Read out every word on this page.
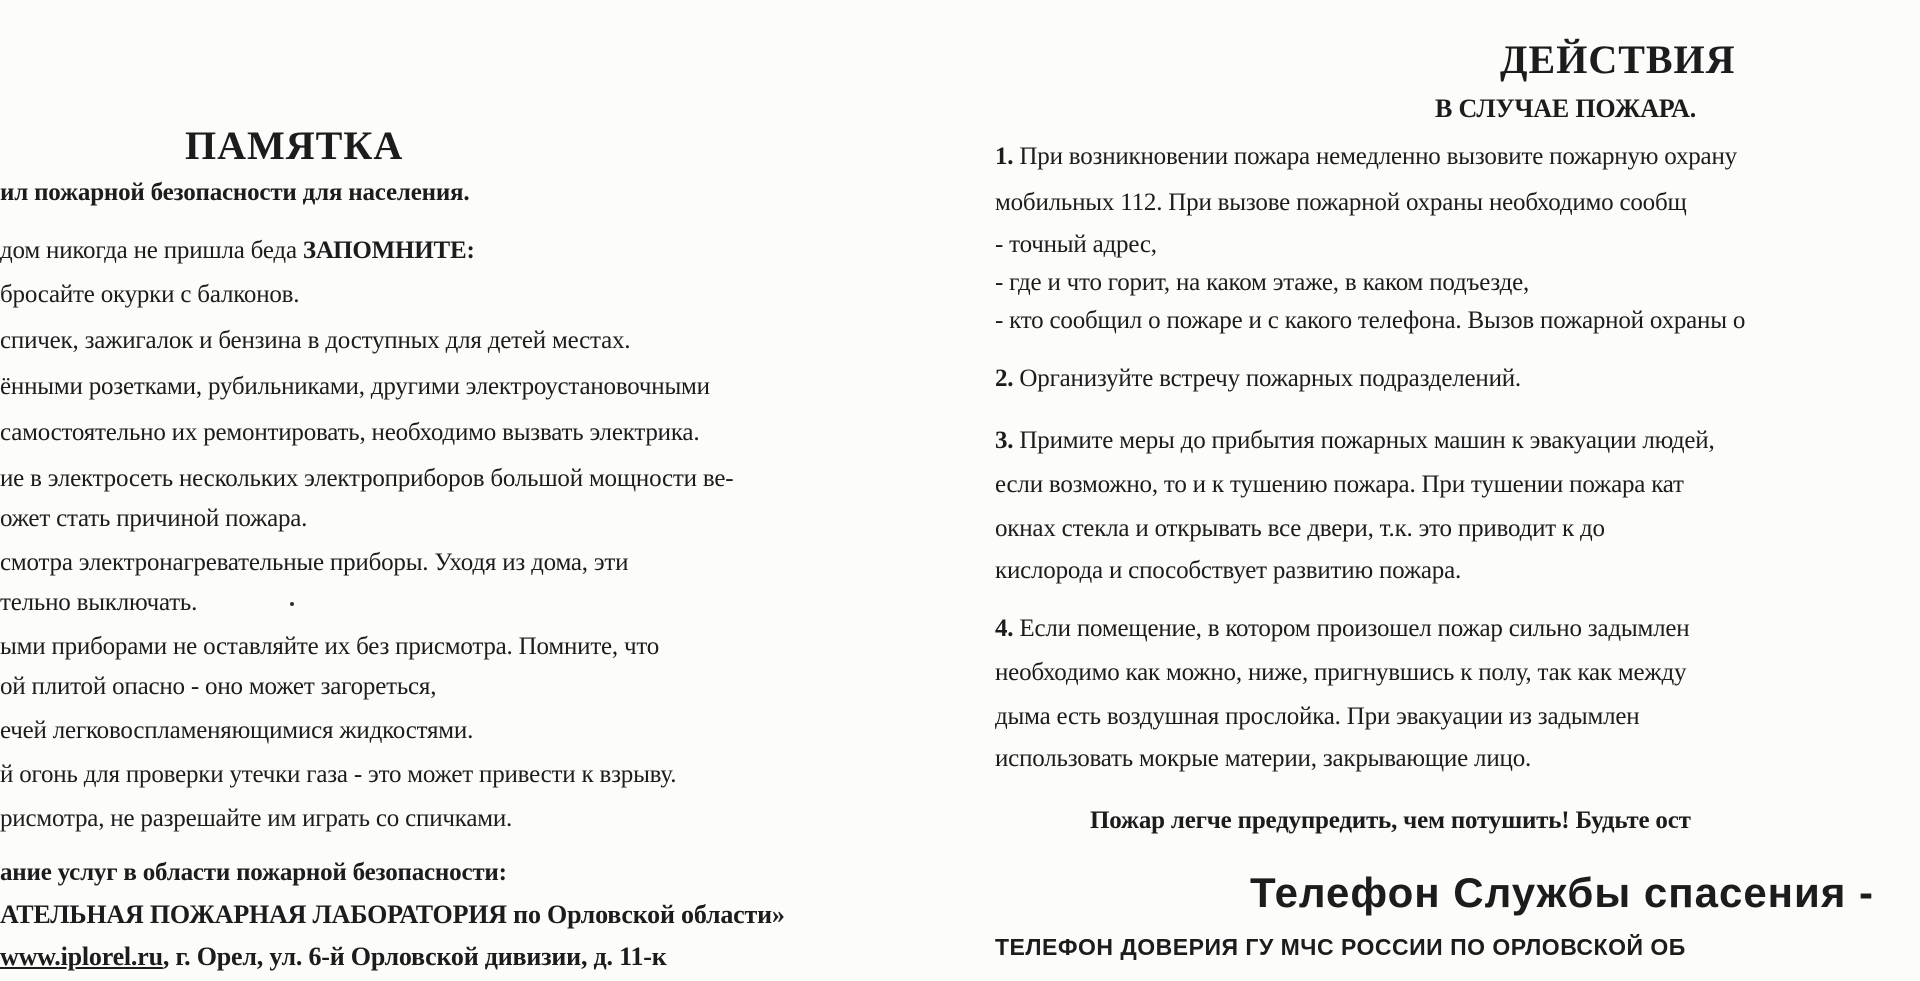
ПАМЯТКА
ил пожарной безопасности для населения.
дом никогда не пришла беда ЗАПОМНИТЕ:
бросайте окурки с балконов.
спичек, зажигалок и бензина в доступных для детей местах.
ёнными розетками, рубильниками, другими электроустановочными
самостоятельно их ремонтировать, необходимо вызвать электрика.
ие в электросеть нескольких электроприборов большой мощности ве-
ожет стать причиной пожара.
смотра электронагревательные приборы. Уходя из дома, эти
тельно выключать.
ыми приборами не оставляйте их без присмотра. Помните, что
ой плитой опасно - оно может загореться,
ечей легковоспламеняющимися жидкостями.
й огонь для проверки утечки газа - это может привести к взрыву.
рисмотра, не разрешайте им играть со спичками.
ание услуг в области пожарной безопасности:
АТЕЛЬНАЯ ПОЖАРНАЯ ЛАБОРАТОРИЯ по Орловской области»
www.iplorel.ru, г. Орел, ул. 6-й Орловской дивизии, д. 11-к
ДЕЙСТВИЯ
В СЛУЧАЕ ПОЖАРА.
1. При возникновении пожара немедленно вызовите пожарную охрану
мобильных 112. При вызове пожарной охраны необходимо сообщ
- точный адрес,
- где и что горит, на каком этаже, в каком подъезде,
- кто сообщил о пожаре и с какого телефона. Вызов пожарной охраны о
2. Организуйте встречу пожарных подразделений.
3. Примите меры до прибытия пожарных машин к эвакуации людей,
если возможно, то и к тушению пожара. При тушении пожара кат
окнах стекла и открывать все двери, т.к. это приводит к до
кислорода и способствует развитию пожара.
4. Если помещение, в котором произошел пожар сильно задымлен
необходимо как можно, ниже, пригнувшись к полу, так как между
дыма есть воздушная прослойка. При эвакуации из задымлен
использовать мокрые материи, закрывающие лицо.
Пожар легче предупредить, чем потушить! Будьте ост
Телефон Службы спасения -
ТЕЛЕФОН ДОВЕРИЯ ГУ МЧС РОССИИ ПО ОРЛОВСКОЙ ОБ
